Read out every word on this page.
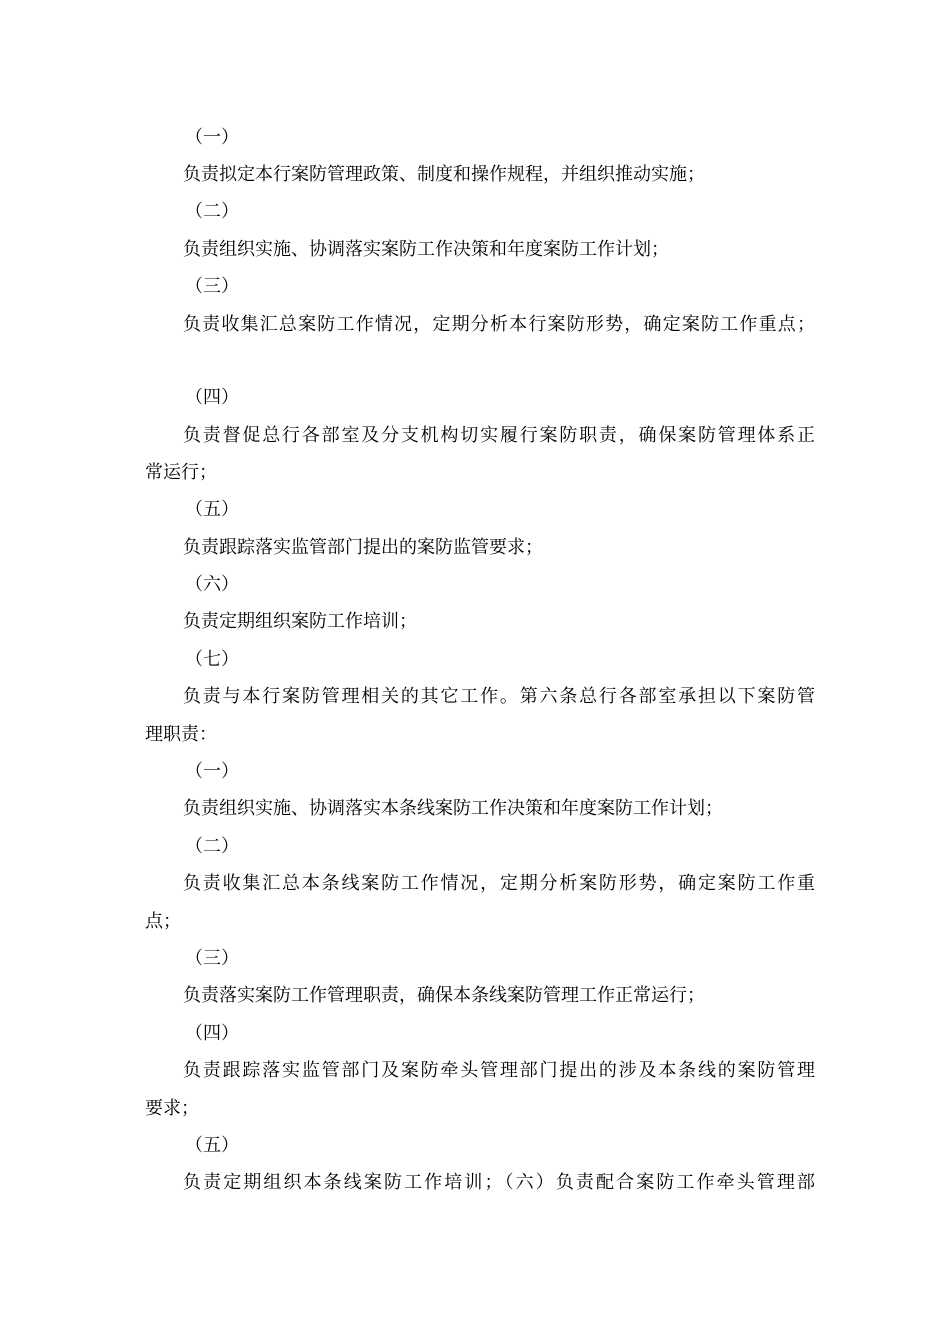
（一）
负责拟定本行案防管理政策、制度和操作规程，并组织推动实施；
（二）
负责组织实施、协调落实案防工作决策和年度案防工作计划；
（三）
负责收集汇总案防工作情况，定期分析本行案防形势，确定案防工作重点；
（四）
负责督促总行各部室及分支机构切实履行案防职责，确保案防管理体系正
常运行；
（五）
负责跟踪落实监管部门提出的案防监管要求；
（六）
负责定期组织案防工作培训；
（七）
负责与本行案防管理相关的其它工作。第六条总行各部室承担以下案防管
理职责：
（一）
负责组织实施、协调落实本条线案防工作决策和年度案防工作计划；
（二）
负责收集汇总本条线案防工作情况，定期分析案防形势，确定案防工作重
点；
（三）
负责落实案防工作管理职责，确保本条线案防管理工作正常运行；
（四）
负责跟踪落实监管部门及案防牵头管理部门提出的涉及本条线的案防管理
要求；
（五）
负责定期组织本条线案防工作培训；（六）负责配合案防工作牵头管理部
